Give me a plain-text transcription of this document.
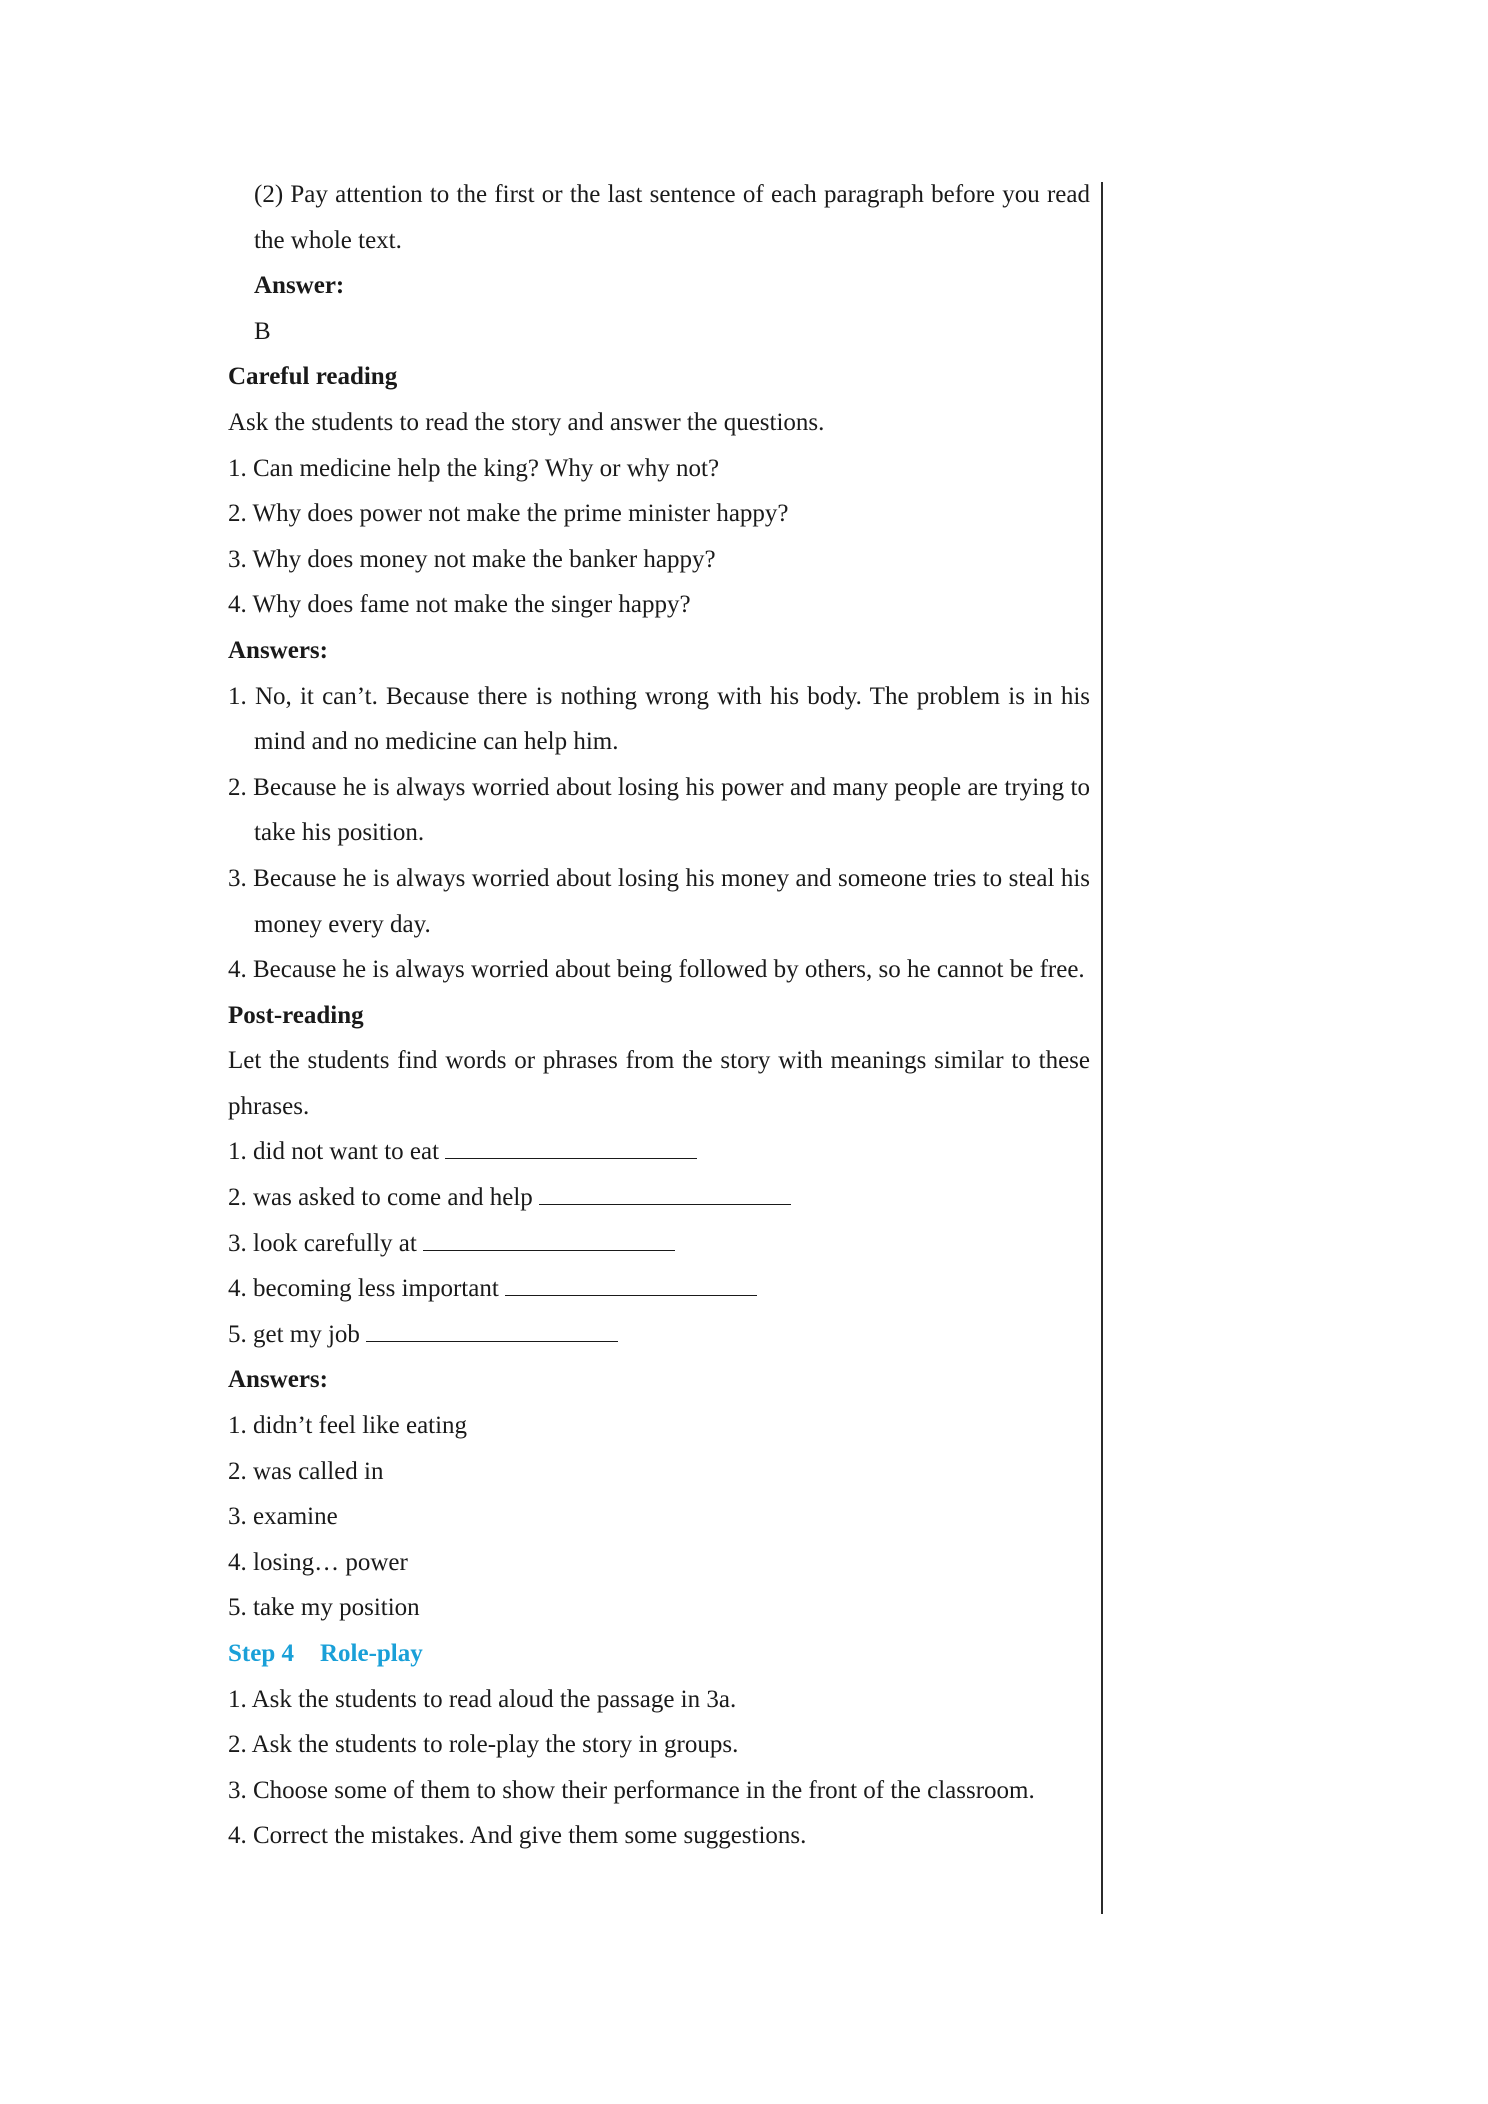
(2) Pay attention to the first or the last sentence of each paragraph before you read the whole text.
Answer:
B
Careful reading
Ask the students to read the story and answer the questions.
1. Can medicine help the king? Why or why not?
2. Why does power not make the prime minister happy?
3. Why does money not make the banker happy?
4. Why does fame not make the singer happy?
Answers:
1. No, it can’t. Because there is nothing wrong with his body. The problem is in his mind and no medicine can help him.
2. Because he is always worried about losing his power and many people are trying to take his position.
3. Because he is always worried about losing his money and someone tries to steal his money every day.
4. Because he is always worried about being followed by others, so he cannot be free.
Post-reading
Let the students find words or phrases from the story with meanings similar to these phrases.
1. did not want to eat
2. was asked to come and help
3. look carefully at
4. becoming less important
5. get my job
Answers:
1. didn’t feel like eating
2. was called in
3. examine
4. losing… power
5. take my position
Step 4 Role-play
1. Ask the students to read aloud the passage in 3a.
2. Ask the students to role-play the story in groups.
3. Choose some of them to show their performance in the front of the classroom.
4. Correct the mistakes. And give them some suggestions.
